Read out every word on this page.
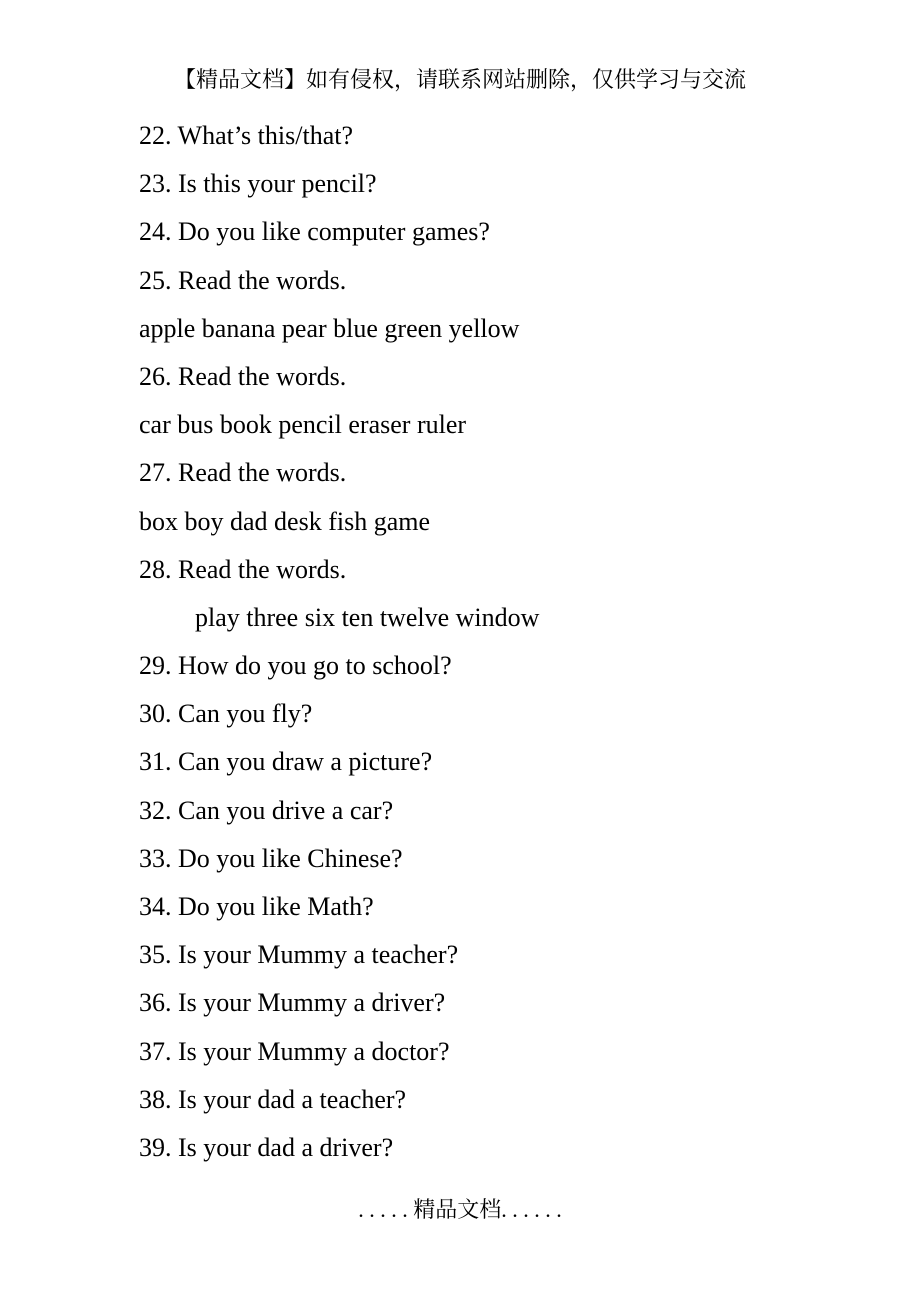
【精品文档】如有侵权，请联系网站删除，仅供学习与交流
22. What’s this/that?
23. Is this your pencil?
24. Do you like computer games?
25. Read the words.
apple banana pear blue green yellow
26. Read the words.
car bus book pencil eraser ruler
27. Read the words.
box boy dad desk fish game
28. Read the words.
play three six ten twelve window
29. How do you go to school?
30. Can you fly?
31. Can you draw a picture?
32. Can you drive a car?
33. Do you like Chinese?
34. Do you like Math?
35. Is your Mummy a teacher?
36. Is your Mummy a driver?
37. Is your Mummy a doctor?
38. Is your dad a teacher?
39. Is your dad a driver?
. . . . . 精品文档. . . . . .
